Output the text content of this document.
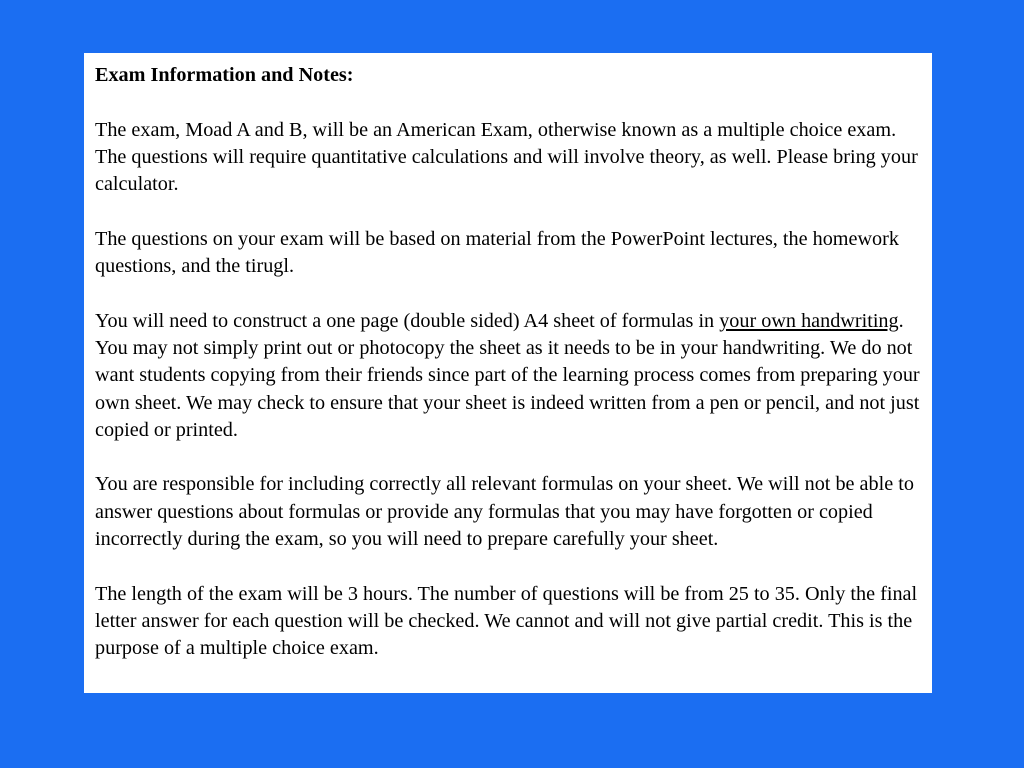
Exam Information and Notes:

The exam, Moad A and B, will be an American Exam, otherwise known as a multiple choice exam. The questions will require quantitative calculations and will involve theory, as well. Please bring your calculator.

The questions on your exam will be based on material from the PowerPoint lectures, the homework questions, and the tirugl.

You will need to construct a one page (double sided) A4 sheet of formulas in your own handwriting. You may not simply print out or photocopy the sheet as it needs to be in your handwriting. We do not want students copying from their friends since part of the learning process comes from preparing your own sheet. We may check to ensure that your sheet is indeed written from a pen or pencil, and not just copied or printed.

You are responsible for including correctly all relevant formulas on your sheet. We will not be able to answer questions about formulas or provide any formulas that you may have forgotten or copied incorrectly during the exam, so you will need to prepare carefully your sheet.

The length of the exam will be 3 hours. The number of questions will be from 25 to 35. Only the final letter answer for each question will be checked. We cannot and will not give partial credit. This is the purpose of a multiple choice exam.
